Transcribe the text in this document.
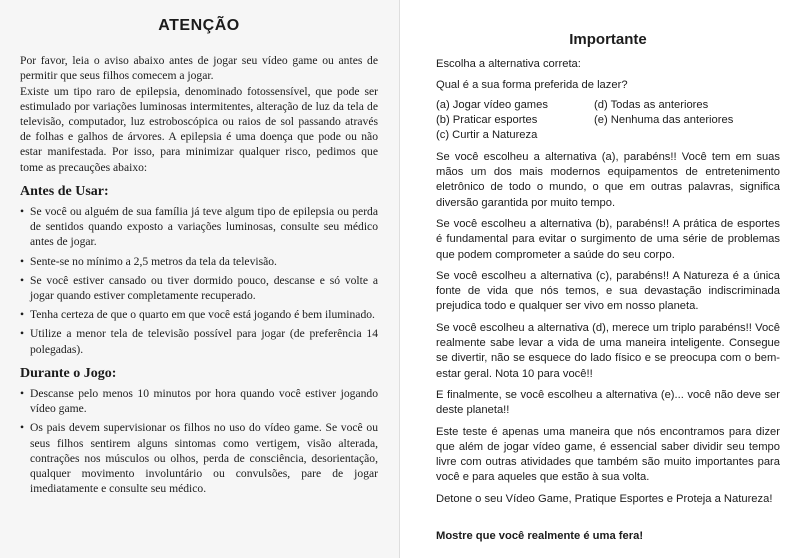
ATENÇÃO

Por favor, leia o aviso abaixo antes de jogar seu vídeo game ou antes de permitir que seus filhos comecem a jogar.

Existe um tipo raro de epilepsia, denominado fotossensível, que pode ser estimulado por variações luminosas intermitentes, alteração de luz da tela de televisão, computador, luz estroboscópica ou raios de sol passando através de folhas e galhos de árvores. A epilepsia é uma doença que pode ou não estar manifestada. Por isso, para minimizar qualquer risco, pedimos que tome as precauções abaixo:

Antes de Usar:
• Se você ou alguém de sua família já teve algum tipo de epilepsia ou perda de sentidos quando exposto a variações luminosas, consulte seu médico antes de jogar.
• Sente-se no mínimo a 2,5 metros da tela da televisão.
• Se você estiver cansado ou tiver dormido pouco, descanse e só volte a jogar quando estiver completamente recuperado.
• Tenha certeza de que o quarto em que você está jogando é bem iluminado.
• Utilize a menor tela de televisão possível para jogar (de preferência 14 polegadas).
Durante o Jogo:
• Descanse pelo menos 10 minutos por hora quando você estiver jogando vídeo game.
• Os pais devem supervisionar os filhos no uso do vídeo game. Se você ou seus filhos sentirem alguns sintomas como vertigem, visão alterada, contrações nos músculos ou olhos, perda de consciência, desorientação, qualquer movimento involuntário ou convulsões, pare de jogar imediatamente e consulte seu médico.
Importante

Escolha a alternativa correta:

Qual é a sua forma preferida de lazer?

(a) Jogar vídeo games	(d) Todas as anteriores
(b) Praticar esportes	(e) Nenhuma das anteriores
(c) Curtir a Natureza

Se você escolheu a alternativa (a), parabéns!! Você tem em suas mãos um dos mais modernos equipamentos de entretenimento eletrônico de todo o mundo, o que em outras palavras, significa diversão garantida por muito tempo.

Se você escolheu a alternativa (b), parabéns!! A prática de esportes é fundamental para evitar o surgimento de uma série de problemas que podem comprometer a saúde do seu corpo.

Se você escolheu a alternativa (c), parabéns!! A Natureza é a única fonte de vida que nós temos, e sua devastação indiscriminada prejudica todo e qualquer ser vivo em nosso planeta.

Se você escolheu a alternativa (d), merece um triplo parabéns!! Você realmente sabe levar a vida de uma maneira inteligente. Consegue se divertir, não se esquece do lado físico e se preocupa com o bem-estar geral. Nota 10 para você!!

E finalmente, se você escolheu a alternativa (e)... você não deve ser deste planeta!!

Este teste é apenas uma maneira que nós encontramos para dizer que além de jogar vídeo game, é essencial saber dividir seu tempo livre com outras atividades que também são muito importantes para você e para aqueles que estão à sua volta.

Detone o seu Vídeo Game, Pratique Esportes e Proteja a Natureza!

Mostre que você realmente é uma fera!
